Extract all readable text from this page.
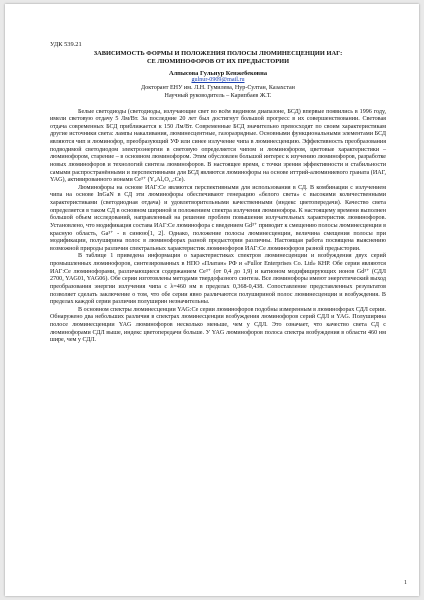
УДК 539.21
ЗАВИСИМОСТЬ ФОРМЫ И ПОЛОЖЕНИЯ ПОЛОСЫ ЛЮМИНЕСЦЕНЦИИ ИАГ:
СЕ ЛЮМИНОФОРОВ ОТ ИХ ПРЕДЫСТОРИИ
Алпысова Гульнур Кенжебековна
gulnur-0909@mail.ru
Докторант ЕНУ им. Л.Н. Гумилева, Нур-Султан, Казахстан
Научный руководитель – Карипбаев Ж.Т.

Белые светодиоды (светодиоды, излучающие свет во всём видимом диапазоне, БСД) впервые появились в 1996 году, имели световую отдачу 5 Лм/Вт. За последние 20 лет был достигнут большой прогресс в их совершенствовании. Световая отдача современных БСД приближается к 150 Лм/Вт. Современные БСД значительно превосходят по своим характеристикам другие источники света: лампы накаливания, люминесцентные, газоразрядные. Основными функциональными элементами БСД являются чип и люминофор, преобразующий УФ или синее излучение чипа в люминесценцию. Эффективность преобразования подводимой светодиодом электроэнергии в световую определяется чипом и люминофором, цветовые характеристики – люминофором, старение – в основном люминофором. Этим обусловлен большой интерес к изучению люминофоров, разработке новых люминофоров и технологий синтеза люминофоров. В настоящее время, с точки зрения эффективности и стабильности самыми распространёнными и перспективными для БСД являются люминофоры на основе иттрий-алюминиевого граната (ИАГ, YAG), активированного ионами Ce³⁺ (Y₃Al₅O₁₂:Ce).

Люминофоры на основе ИАГ:Се являются перспективными для использования в СД. В комбинации с излучением чипа на основе InGaN в СД эти люминофоры обеспечивают генерацию «белого света» с высокими количественными характеристиками (светодиодная отдача) и удовлетворительными качественными (индекс цветопередачи). Качество света определяется в таком СД в основном шириной и положением спектра излучения люминофора. К настоящему времени выполнен большой объем исследований, направленный на решение проблем повышения излучательных характеристик люминофоров. Установлено, что модификация состава ИАГ:Се люминофора с введением Gd³⁺ приводит к смещению полосы люминесценции в красную область, Ga³⁺ - в синюю[1, 2]. Однако, положение полосы люминесценции, величина смещения полосы при модификации, полуширина полос в люминофорах разной предыстории различны. Настоящая работа посвящена выяснению возможной природы различия спектральных характеристик люминофоров ИАГ:Се люминофоров разной предыстории.

В таблице 1 приведена информация о характеристиках спектров люминесценции и возбуждения двух серий промышленных люминофоров, синтезированных в НПО «Платан» РФ и «Fullor Enterprises Co. Ltd» КНР. Обе серии являются ИАГ:Се люминофорами, различающиеся содержанием Ce³⁺ (от 0,4 до 1,9) и катионом модифицирующих ионов Gd³⁺ (СДЛ 2700, YAG01, YAG06). Обе серии изготовлены методами твердофазного синтеза. Все люминофоры имеют энергетический выход преобразования энергии излучения чипа с λ=460 нм в пределах 0,368-0,438. Сопоставление представленных результатов позволяет сделать заключение о том, что обе серии явно различаются полушириной полос люминесценции и возбуждения. В пределах каждой серии различия полуширин незначительны.

В основном спектры люминесценции YAG:Се серии люминофоров подобны измеренным в люминофорах СДЛ серии. Обнаружено два небольших различия в спектрах люминесценции возбуждения люминофоров серий СДЛ и YAG. Полуширина полосе люминесценции YAG люминофоров несколько меньше, чем у СДЛ. Это означает, что качество света СД с люминофорами СДЛ выше, индекс цветопередачи больше. У YAG люминофоров полоса спектра возбуждения в области 460 нм шире, чем у СДЛ.

1
